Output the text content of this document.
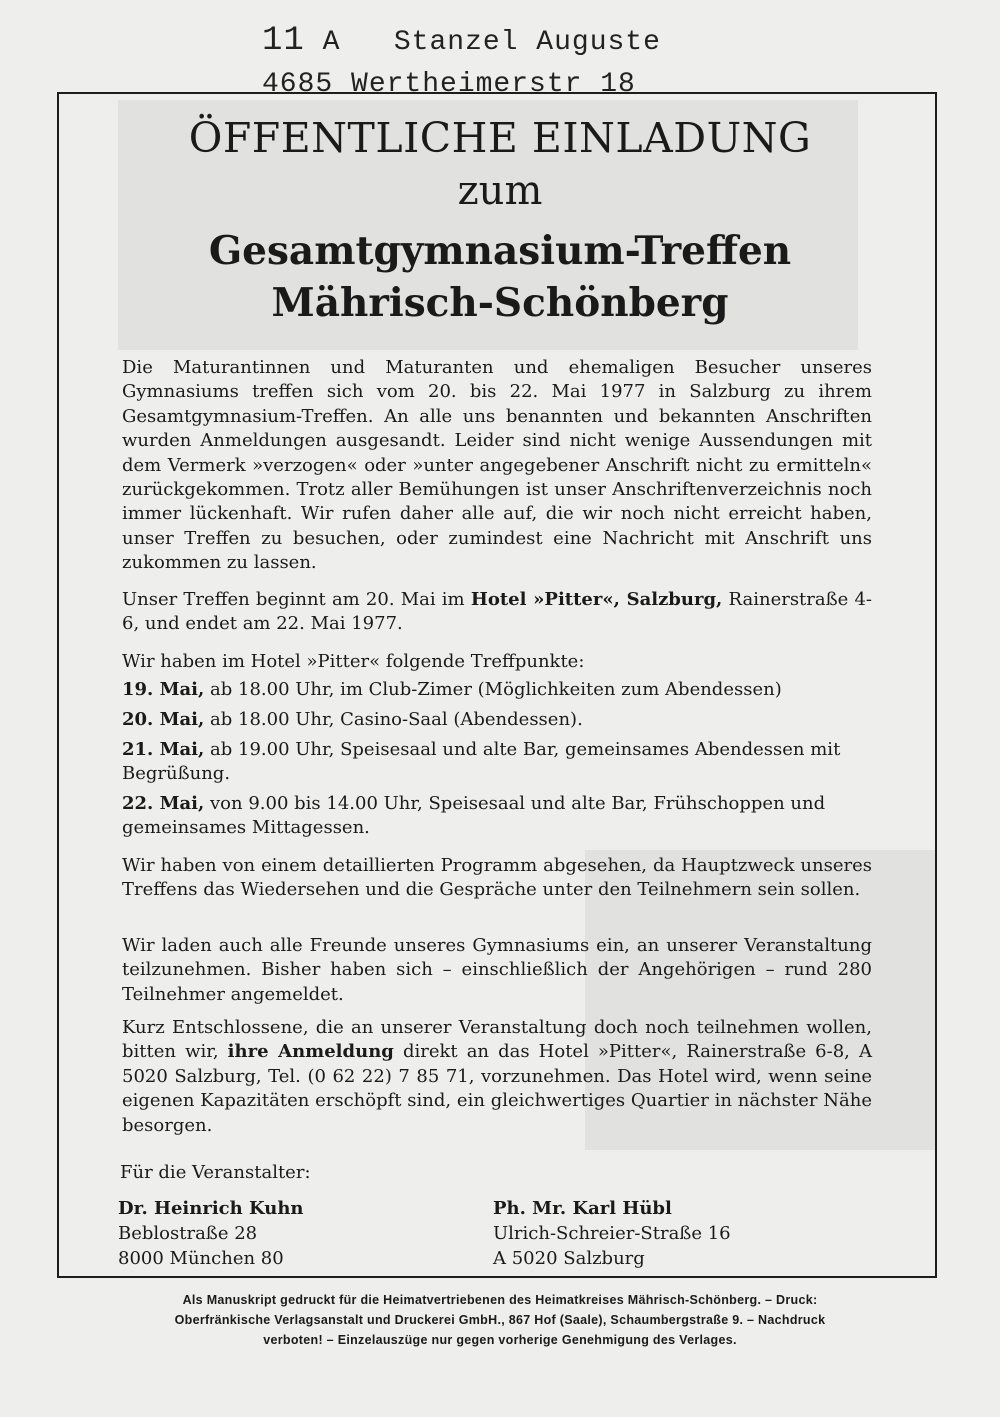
11 A Stanzel Auguste
4685 Wertheimerstr 18
ÖFFENTLICHE EINLADUNG
zum
Gesamtgymnasium-Treffen
Mährisch-Schönberg
Die Maturantinnen und Maturanten und ehemaligen Besucher unseres Gymnasiums treffen sich vom 20. bis 22. Mai 1977 in Salzburg zu ihrem Gesamtgymnasium-Treffen. An alle uns benannten und bekannten Anschriften wurden Anmeldungen ausgesandt. Leider sind nicht wenige Aussendungen mit dem Vermerk »verzogen« oder »unter angegebener Anschrift nicht zu ermitteln« zurückgekommen. Trotz aller Bemühungen ist unser Anschriftenverzeichnis noch immer lückenhaft. Wir rufen daher alle auf, die wir noch nicht erreicht haben, unser Treffen zu besuchen, oder zumindest eine Nachricht mit Anschrift uns zukommen zu lassen.
Unser Treffen beginnt am 20. Mai im Hotel »Pitter«, Salzburg, Rainerstraße 4-6, und endet am 22. Mai 1977.
Wir haben im Hotel »Pitter« folgende Treffpunkte:
19. Mai, ab 18.00 Uhr, im Club-Zimer (Möglichkeiten zum Abendessen)
20. Mai, ab 18.00 Uhr, Casino-Saal (Abendessen).
21. Mai, ab 19.00 Uhr, Speisesaal und alte Bar, gemeinsames Abendessen mit Begrüßung.
22. Mai, von 9.00 bis 14.00 Uhr, Speisesaal und alte Bar, Frühschoppen und gemeinsames Mittagessen.
Wir haben von einem detaillierten Programm abgesehen, da Hauptzweck unseres Treffens das Wiedersehen und die Gespräche unter den Teilnehmern sein sollen.
Wir laden auch alle Freunde unseres Gymnasiums ein, an unserer Veranstaltung teilzunehmen. Bisher haben sich – einschließlich der Angehörigen – rund 280 Teilnehmer angemeldet.
Kurz Entschlossene, die an unserer Veranstaltung doch noch teilnehmen wollen, bitten wir, ihre Anmeldung direkt an das Hotel »Pitter«, Rainerstraße 6-8, A 5020 Salzburg, Tel. (0 62 22) 7 85 71, vorzunehmen. Das Hotel wird, wenn seine eigenen Kapazitäten erschöpft sind, ein gleichwertiges Quartier in nächster Nähe besorgen.
Für die Veranstalter:
Dr. Heinrich Kuhn
Beblostraße 28
8000 München 80
Ph. Mr. Karl Hübl
Ulrich-Schreier-Straße 16
A 5020 Salzburg
Als Manuskript gedruckt für die Heimatvertriebenen des Heimatkreises Mährisch-Schönberg. – Druck:
Oberfränkische Verlagsanstalt und Druckerei GmbH., 867 Hof (Saale), Schaumbergstraße 9. – Nachdruck
verboten! – Einzelauszüge nur gegen vorherige Genehmigung des Verlages.
